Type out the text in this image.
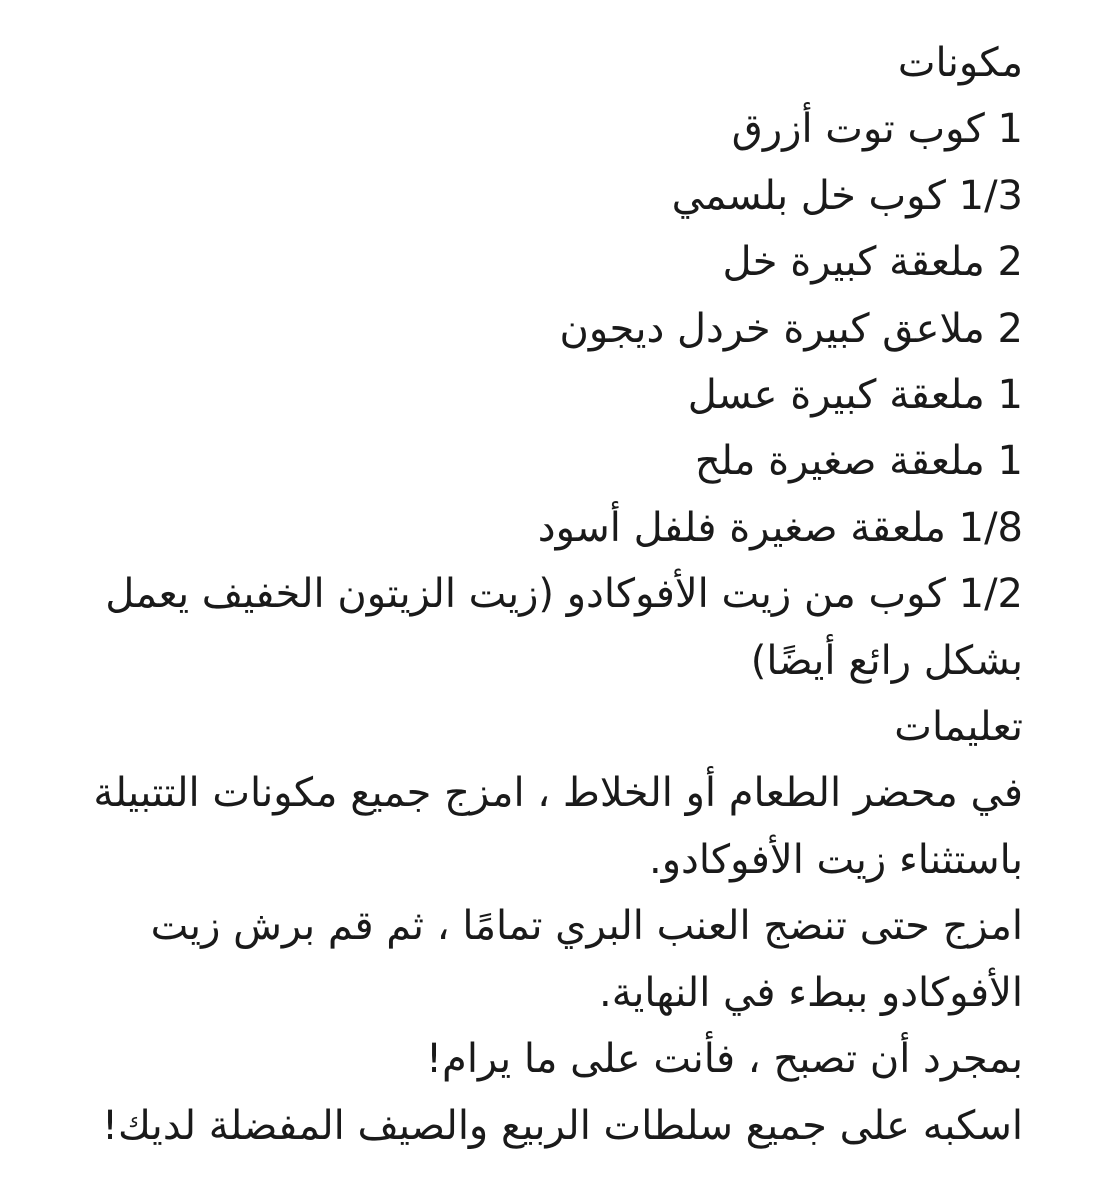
مكونات
1 كوب توت أزرق
1/3 كوب خل بلسمي
2 ملعقة كبيرة خل
2 ملاعق كبيرة خردل ديجون
1 ملعقة كبيرة عسل
1 ملعقة صغيرة ملح
1/8 ملعقة صغيرة فلفل أسود
1/2 كوب من زيت الأفوكادو (زيت الزيتون الخفيف يعمل بشكل رائع أيضًا)
تعليمات
في محضر الطعام أو الخلاط ، امزج جميع مكونات التتبيلة باستثناء زيت الأفوكادو.
امزج حتى تنضج العنب البري تمامًا ، ثم قم برش زيت الأفوكادو ببطء في النهاية.
بمجرد أن تصبح ، فأنت على ما يرام!
اسكبه على جميع سلطات الربيع والصيف المفضلة لديك!
